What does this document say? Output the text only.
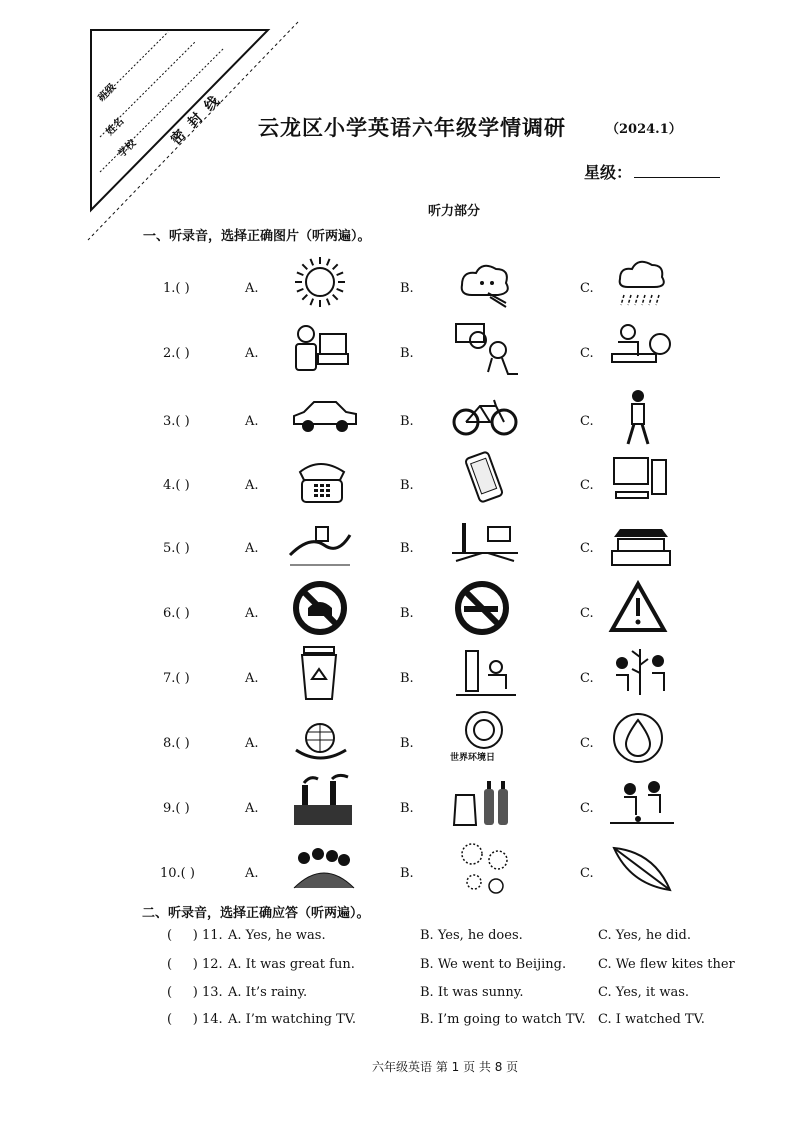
班级
姓名
学校
密  封  线 云龙区小学英语六年级学情调研	（2024.1）
星级：
听力部分
一、听录音，选择正确图片（听两遍）。
1.( )	A.	B.	C.
2.( )	A.	B.	C.
3.( )	A.	B.	C.
4.( )	A.	B.	C.
5.( )	A.	B.	C.
6.( )	A.	B.	C.
7.( )	A.	B.	C.
8.( )	A.	B.	C.
世界环境日
9.( )	A.	B.	C.
10.( )	A.	B.	C.
二、听录音，选择正确应答（听两遍）。
(     ) 11. A. Yes, he was.	B. Yes, he does.	C. Yes, he did.
(     ) 12. A. It was great fun.	B. We went to Beijing. C. We flew kites ther
(     ) 13. A. It’s rainy.	B. It was sunny.	C. Yes, it was.
(     ) 14. A. I’m watching TV.	B. I’m going to watch TV. C. I watched TV.
六年级英语 第 1 页 共 8 页
